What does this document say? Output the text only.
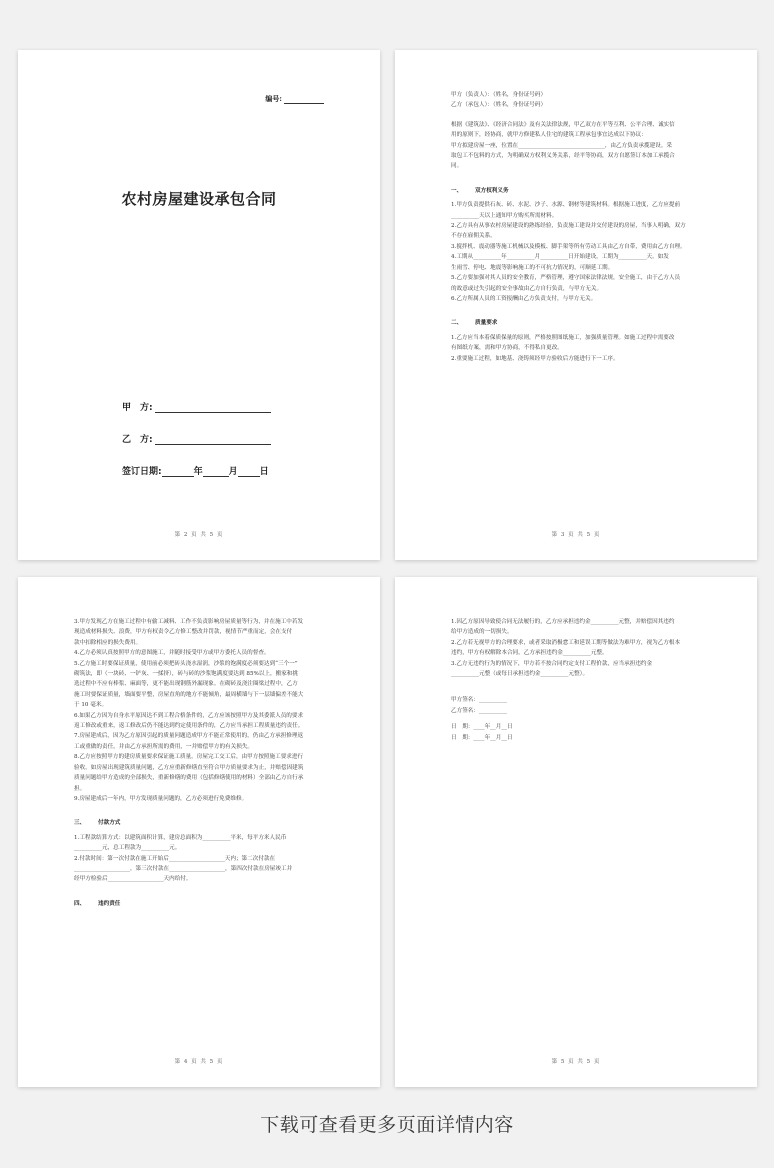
编号:
农村房屋建设承包合同
甲　方:
乙　方:
签订日期:	年	月 日
第 2 页 共 5 页

甲方（负责人）：（姓名，身份证号码）

乙方（承包人）：（姓名，身份证号码）

根据《建筑法》、《经济合同法》及有关法律法规，甲乙双方在平等互利、公平合理、诚实信

用的原则下，经协商，就甲方修建私人住宅的建筑工程承包事宜达成以下协议：

甲方拟建房屋一座，位置在_______________________________，由乙方负责承揽建设。采

取包工不包料的方式，为明确双方权利义务关系，经平等协商，双方自愿签订本加工承揽合

同。

一、 双方权利义务

1.甲方负责提供石灰、砖、水泥、沙子、水源、钢材等建筑材料。根据施工进度，乙方应提前

__________天以上通知甲方购买所需材料。

2.乙方具有从事农村房屋建设的熟练经验，负责施工建设并交付建设的房屋，当事人明确，双方

不存在雇佣关系。

3.搅拌机、震动器等施工机械以及模板、脚手架等所有劳动工具由乙方自带，费用由乙方自理。

4.工期从__________年__________月__________日开始建设，工期为__________天。如发

生雨雪、停电、地震等影响施工的不可抗力情况的，可顺延工期。

5.乙方要加强对其人员的安全教育，严格管理，遵守国家法律法规，安全施工，由于乙方人员

的故意或过失引起的安全事故由乙方自行负责，与甲方无关。

6.乙方所属人员的工资报酬由乙方负责支付，与甲方无关。

二、 质量要求

1.乙方应当本着保质保量的原则，严格按照图纸施工，加强质量管理。如施工过程中需要改

有图纸方案，需和甲方协商，不得私自更改。

2.重要施工过程，如地基、浇铸须经甲方验收后方能进行下一工序。

第 3 页 共 5 页

3.甲方发现乙方在施工过程中有偷工减料、工作不负责影响房屋质量等行为，并在施工中若发

现造成材料损失、浪费，甲方有权责令乙方修工整改并罚款，视情节严重而定，会在支付

款中扣除相应的损失费用。

4.乙方必须认真按照甲方的意图施工，并随时接受甲方或甲方委托人员的督查。

5.乙方施工时要保证质量，使用前必须把砖头浇水湿润，沙浆的饱满度必须要达到“三个一”

砌筑法，即（一块砖、一铲灰、一揉挤），砖与砖的沙浆饱满度要达到 85%以上，搬家和挑

选过程中不应有棒浆、麻面等，更不能出现钢筋外漏现象。在砌砖及浇注圈梁过程中，乙方

施工时要保证质量，墙面要平整，房屋直角的地方不能倾角，最周横墙与下一层墙偏差不能大

于 10 毫米。

6.如果乙方因为自身水平原因达不到工程合格条件的，乙方应该按照甲方及其委派人员的要求

返工修改或重来，返工修改后仍不能达到约定使用条件的，乙方应当承担工程质量违约责任。

7.房屋建成后，因为乙方原因引起的质量问题造成甲方不能正常使用的，仍由乙方承担修理返

工或重做的责任，并由乙方承担所需的费用，一并赔偿甲方的有关损失。

8.乙方应按照甲方的建房质量要求保证施工质量。房屋完工交工后，由甲方按照施工要求进行

验收。如房屋出现建筑质量问题，乙方应重新修缮直至符合甲方质量要求为止，并赔偿因建筑

质量问题给甲方造成的全部损失，重新修缮的费用（包括修缮使用的材料）全部由乙方自行承

担。

9.房屋建成后一年内，甲方发现质量问题的，乙方必须进行免费维修。

三、 付款方式

1.工程款结算方式：以建筑面积计算，建房总面积为__________平米，每平方米人民币

__________元，总工程款为__________元。

2.付款时间：第一次付款在施工开始后____________________天内；第二次付款在

____________________，第三次付款在____________________，第四次付款在房屋竣工并

经甲方检验后____________________天内给付。

四、 违约责任

第 4 页 共 5 页

1.因乙方原因导致使合同无法履行的，乙方应承担违约金__________元整，并赔偿因其违约

给甲方造成的一切损失。

2.乙方若无视甲方的合理要求，或者采取消极怠工和延误工期等做法为难甲方，视为乙方根本

违约，甲方有权解除本合同，乙方承担违约金__________元整。

3.乙方无违约行为的情况下，甲方若不按合同约定支付工程价款，应当承担违约金

__________元整（或每日承担违约金__________元整）。

甲方签名：__________乙方签名：__________
日　期：____年__月__日日　期：____年__月__日
第 5 页 共 5 页
下载可查看更多页面详情内容
